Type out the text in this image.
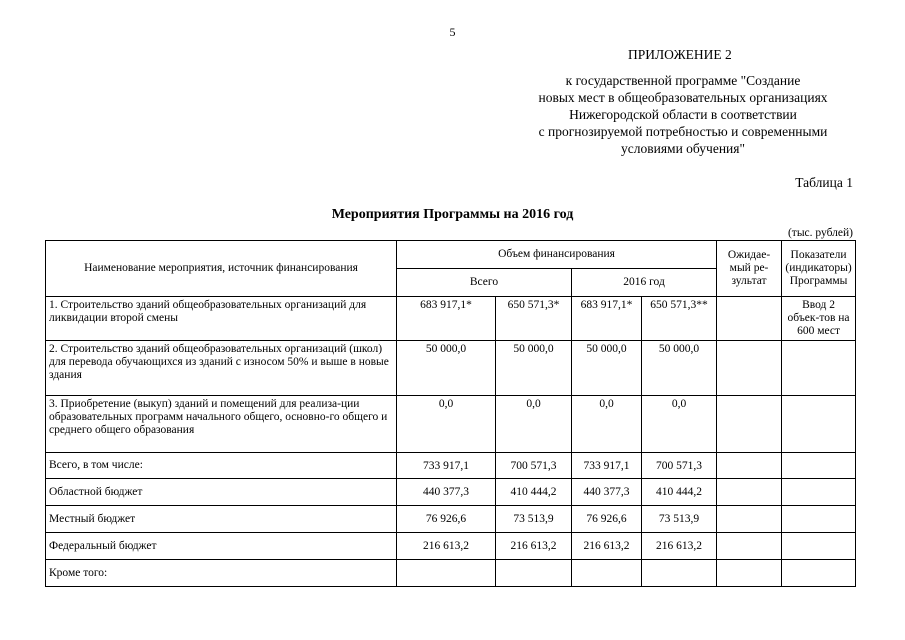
5
ПРИЛОЖЕНИЕ 2
к государственной программе "Создание
новых мест в общеобразовательных организациях
Нижегородской области в соответствии
с прогнозируемой потребностью и современными
условиями обучения"
Таблица 1
Мероприятия Программы на 2016 год
(тыс. рублей)
Наименование мероприятия, источник финансирования	Объем финансирования				Ожидае-мый ре-зультат	Показатели (индикаторы) Программы
	Всего		2016 год			
1. Строительство зданий общеобразовательных организаций для ликвидации второй смены	683 917,1*	650 571,3*	683 917,1*	650 571,3**		Ввод 2 объек-тов на 600 мест
2. Строительство зданий общеобразовательных организаций (школ) для перевода обучающихся из зданий с износом 50% и выше в новые здания	50 000,0	50 000,0	50 000,0	50 000,0		
3. Приобретение (выкуп) зданий и помещений для реализа-ции образовательных программ начального общего, основно-го общего и среднего общего образования	0,0	0,0	0,0	0,0		
Всего, в том числе:	733 917,1	700 571,3	733 917,1	700 571,3		
Областной бюджет	440 377,3	410 444,2	440 377,3	410 444,2		
Местный бюджет	76 926,6	73 513,9	76 926,6	73 513,9		
Федеральный бюджет	216 613,2	216 613,2	216 613,2	216 613,2		
Кроме того:						
